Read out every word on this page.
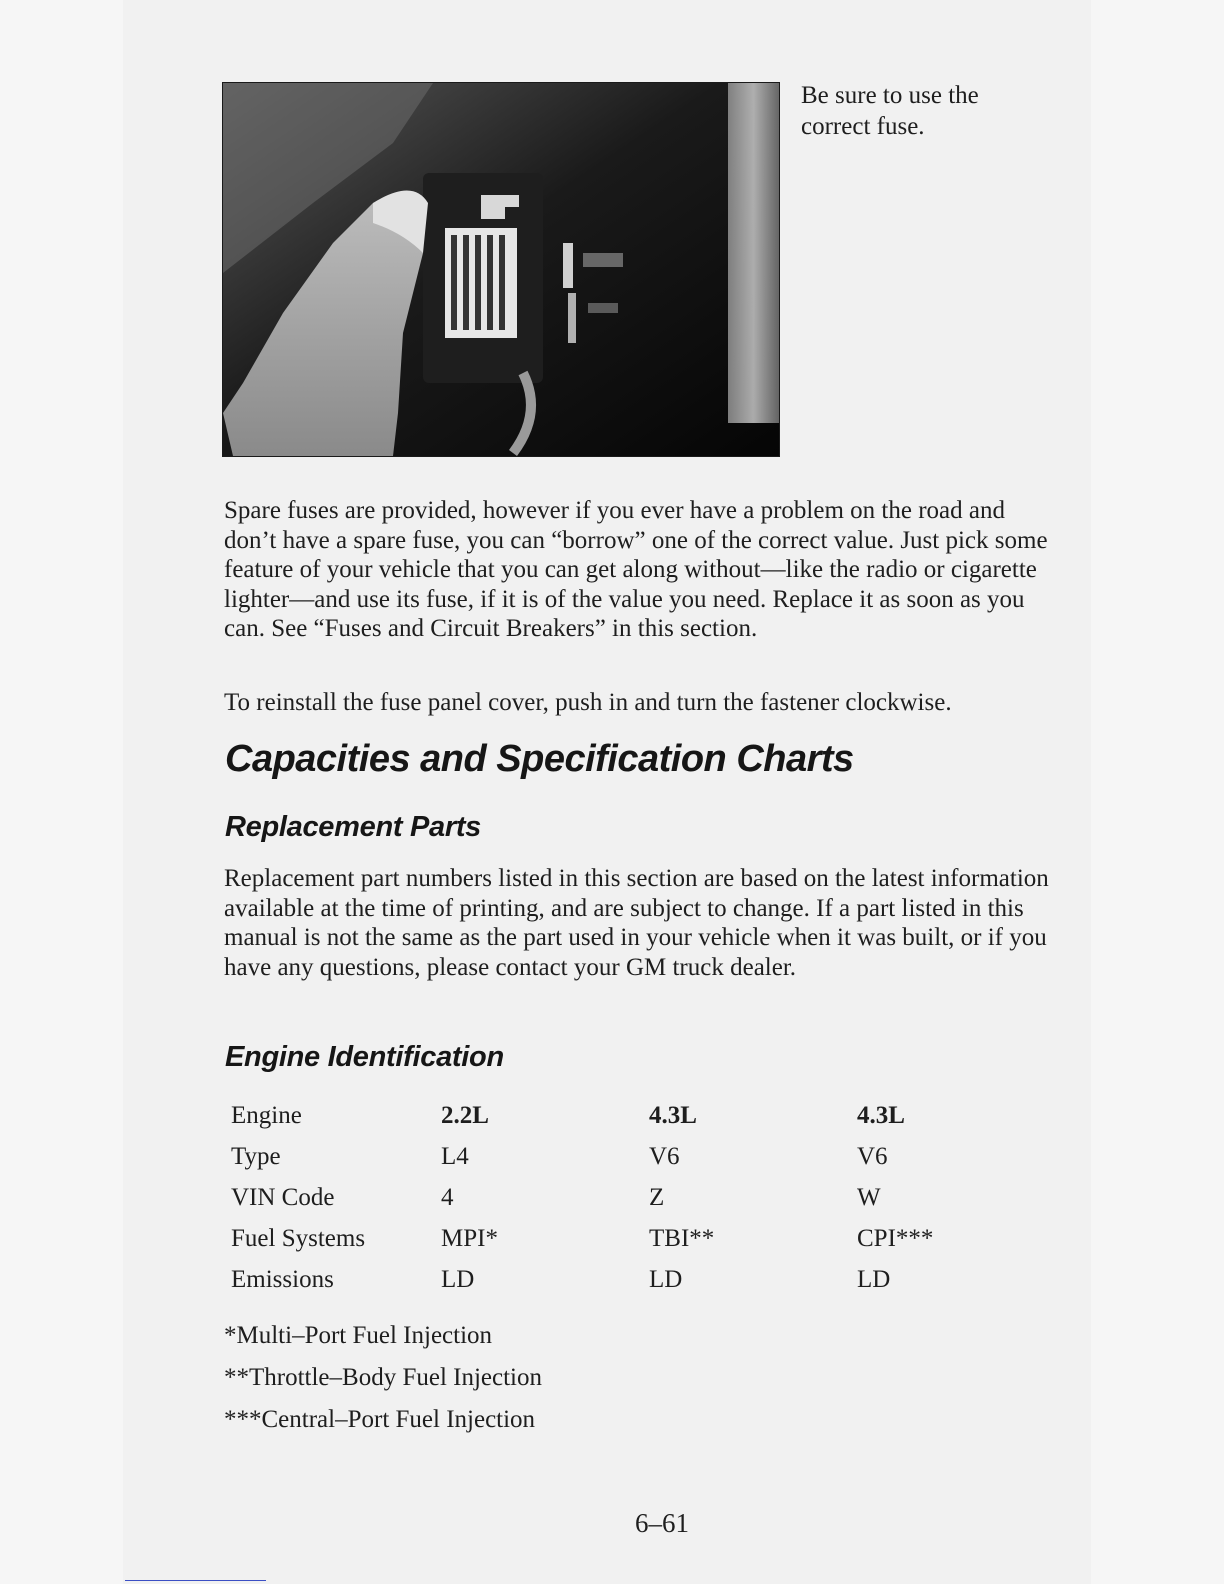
Be sure to use the correct fuse.

Spare fuses are provided, however if you ever have a problem on the road and don’t have a spare fuse, you can “borrow” one of the correct value. Just pick some feature of your vehicle that you can get along without—like the radio or cigarette lighter—and use its fuse, if it is of the value you need. Replace it as soon as you can. See “Fuses and Circuit Breakers” in this section.

To reinstall the fuse panel cover, push in and turn the fastener clockwise.

Capacities and Specification Charts
Replacement Parts

Replacement part numbers listed in this section are based on the latest information available at the time of printing, and are subject to change. If a part listed in this manual is not the same as the part used in your vehicle when it was built, or if you have any questions, please contact your GM truck dealer.

Engine Identification
Engine	2.2L	4.3L	4.3L
Type	L4	V6	V6
VIN Code	4	Z	W
Fuel Systems	MPI*	TBI**	CPI***
Emissions	LD	LD	LD
*Multi–Port Fuel Injection
**Throttle–Body Fuel Injection
***Central–Port Fuel Injection
6–61
